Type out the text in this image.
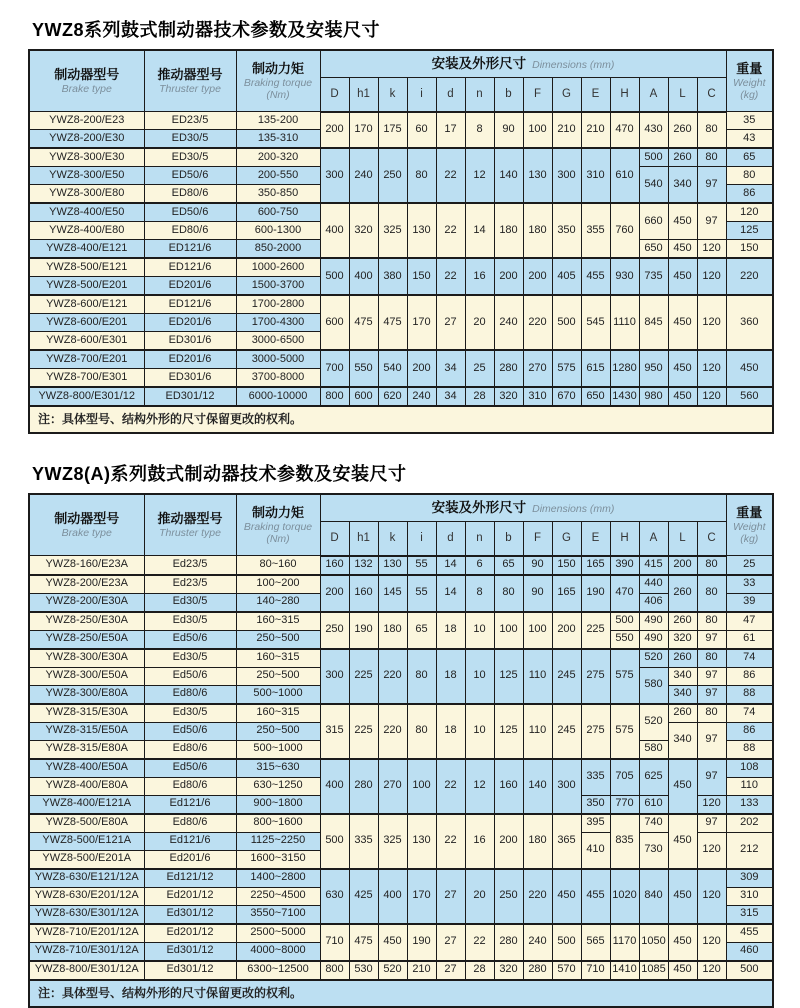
YWZ8系列鼓式制动器技术参数及安装尺寸
制动器型号
Brake type

推动器型号
Thruster type

制动力矩
Braking torque
(Nm)
	安装及外形尺寸 Dimensions (mm)	重量
Weight
(kg)

			D	h1	k	i	d	n	b	F	G	E	H	A	L	C	
YWZ8-200/E23	ED23/5	135-200	200	170	175	60	17	8	90	100	210	210	470	430	260	80	35
YWZ8-200/E30	ED30/5	135-310															43
YWZ8-300/E30	ED30/5	200-320	300	240	250	80	22	12	140	130	300	310	610	500	260	80	65
YWZ8-300/E50	ED50/6	200-550												540	340	97	80
YWZ8-300/E80	ED80/6	350-850															86
YWZ8-400/E50	ED50/6	600-750	400	320	325	130	22	14	180	180	350	355	760	660	450	97	120
YWZ8-400/E80	ED80/6	600-1300															125
YWZ8-400/E121	ED121/6	850-2000												650	450	120	150
YWZ8-500/E121	ED121/6	1000-2600	500	400	380	150	22	16	200	200	405	455	930	735	450	120	220
YWZ8-500/E201	ED201/6	1500-3700															
YWZ8-600/E121	ED121/6	1700-2800	600	475	475	170	27	20	240	220	500	545	1110	845	450	120	360
YWZ8-600/E201	ED201/6	1700-4300															
YWZ8-600/E301	ED301/6	3000-6500															
YWZ8-700/E201	ED201/6	3000-5000	700	550	540	200	34	25	280	270	575	615	1280	950	450	120	450
YWZ8-700/E301	ED301/6	3700-8000															
YWZ8-800/E301/12	ED301/12	6000-10000	800	600	620	240	34	28	320	310	670	650	1430	980	450	120	560
注：具体型号、结构外形的尺寸保留更改的权利。																	
YWZ8(A)系列鼓式制动器技术参数及安装尺寸
制动器型号
Brake type

推动器型号
Thruster type

制动力矩
Braking torque
(Nm)
	安装及外形尺寸 Dimensions (mm)	重量
Weight
(kg)

			D	h1	k	i	d	n	b	F	G	E	H	A	L	C	
YWZ8-160/E23A	Ed23/5	80~160	160	132	130	55	14	6	65	90	150	165	390	415	200	80	25
YWZ8-200/E23A	Ed23/5	100~200	200	160	145	55	14	8	80	90	165	190	470	440	260	80	33
YWZ8-200/E30A	Ed30/5	140~280												406			39
YWZ8-250/E30A	Ed30/5	160~315	250	190	180	65	18	10	100	100	200	225	500	490	260	80	47
YWZ8-250/E50A	Ed50/6	250~500											550	490	320	97	61
YWZ8-300/E30A	Ed30/5	160~315	300	225	220	80	18	10	125	110	245	275	575	520	260	80	74
YWZ8-300/E50A	Ed50/6	250~500												580	340	97	86
YWZ8-300/E80A	Ed80/6	500~1000													340	97	88
YWZ8-315/E30A	Ed30/5	160~315	315	225	220	80	18	10	125	110	245	275	575	520	260	80	74
YWZ8-315/E50A	Ed50/6	250~500													340	97	86
YWZ8-315/E80A	Ed80/6	500~1000												580			88
YWZ8-400/E50A	Ed50/6	315~630	400	280	270	100	22	12	160	140	300	335	705	625	450	97	108
YWZ8-400/E80A	Ed80/6	630~1250															110
YWZ8-400/E121A	Ed121/6	900~1800										350	770	610		120	133
YWZ8-500/E80A	Ed80/6	800~1600	500	335	325	130	22	16	200	180	365	395	835	740	450	97	202
YWZ8-500/E121A	Ed121/6	1125~2250										410		730		120	212
YWZ8-500/E201A	Ed201/6	1600~3150															
YWZ8-630/E121/12A	Ed121/12	1400~2800	630	425	400	170	27	20	250	220	450	455	1020	840	450	120	309
YWZ8-630/E201/12A	Ed201/12	2250~4500															310
YWZ8-630/E301/12A	Ed301/12	3550~7100															315
YWZ8-710/E201/12A	Ed201/12	2500~5000	710	475	450	190	27	22	280	240	500	565	1170	1050	450	120	455
YWZ8-710/E301/12A	Ed301/12	4000~8000															460
YWZ8-800/E301/12A	Ed301/12	6300~12500	800	530	520	210	27	28	320	280	570	710	1410	1085	450	120	500
注：具体型号、结构外形的尺寸保留更改的权利。																	
